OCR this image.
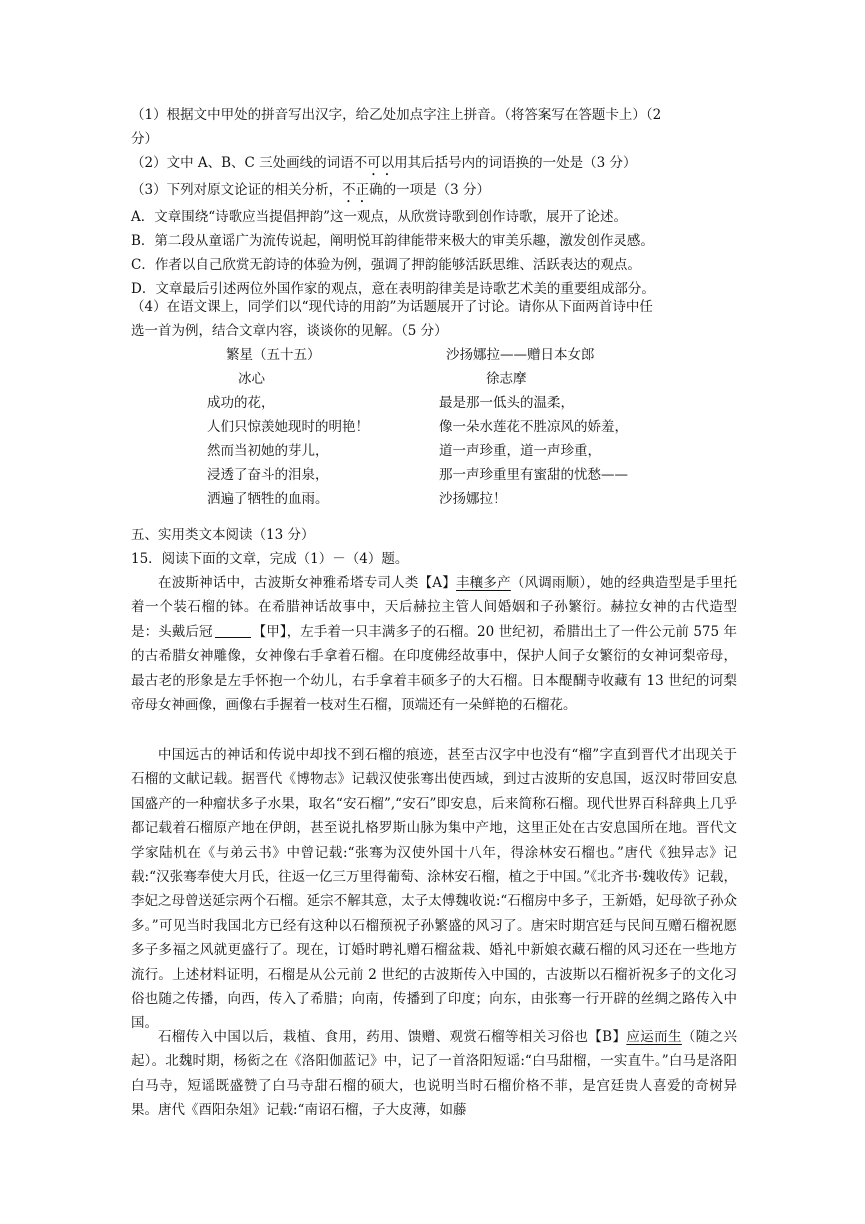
（1）根据文中甲处的拼音写出汉字，给乙处加点字注上拼音。（将答案写在答题卡上）（2
分）
（2）文中 A、B、C 三处画线的词语不可以用其后括号内的词语换的一处是（3 分）
（3）下列对原文论证的相关分析，不正确的一项是（3 分）
A．文章围绕“诗歌应当提倡押韵”这一观点，从欣赏诗歌到创作诗歌，展开了论述。
B．第二段从童谣广为流传说起，阐明悦耳韵律能带来极大的审美乐趣，激发创作灵感。
C．作者以自己欣赏无韵诗的体验为例，强调了押韵能够活跃思维、活跃表达的观点。
D．文章最后引述两位外国作家的观点，意在表明韵律美是诗歌艺术美的重要组成部分。
（4）在语文课上，同学们以“现代诗的用韵”为话题展开了讨论。请你从下面两首诗中任
选一首为例，结合文章内容，谈谈你的见解。（5 分）
繁星（五十五）
冰心
成功的花，
人们只惊羡她现时的明艳！
然而当初她的芽儿，
浸透了奋斗的泪泉，
洒遍了牺牲的血雨。
沙扬娜拉——赠日本女郎
徐志摩
最是那一低头的温柔，
像一朵水莲花不胜凉风的娇羞，
道一声珍重，道一声珍重，
那一声珍重里有蜜甜的忧愁——
沙扬娜拉！
五、实用类文本阅读（13 分）
15．阅读下面的文章，完成（1）－（4）题。
在波斯神话中，古波斯女神雅希塔专司人类【A】丰穰多产（风调雨顺），她的经典造型是手里托着一个装石榴的钵。在希腊神话故事中，天后赫拉主管人间婚姻和子孙繁衍。赫拉女神的古代造型是：头戴后冠	【甲】，左手着一只丰满多子的石榴。20 世纪初，希腊出土了一件公元前 575 年的古希腊女神雕像，女神像右手拿着石榴。在印度佛经故事中，保护人间子女繁衍的女神诃梨帝母，最古老的形象是左手怀抱一个幼儿，右手拿着丰硕多子的大石榴。日本醍醐寺收藏有 13 世纪的诃梨帝母女神画像，画像右手握着一枝对生石榴，顶端还有一朵鲜艳的石榴花。
中国远古的神话和传说中却找不到石榴的痕迹，甚至古汉字中也没有“榴”字直到晋代才出现关于石榴的文献记载。据晋代《博物志》记载汉使张骞出使西域，到过古波斯的安息国，返汉时带回安息国盛产的一种瘤状多子水果，取名“安石榴”,“安石”即安息，后来简称石榴。现代世界百科辞典上几乎都记载着石榴原产地在伊朗，甚至说扎格罗斯山脉为集中产地，这里正处在古安息国所在地。晋代文学家陆机在《与弟云书》中曾记载:“张骞为汉使外国十八年，得涂林安石榴也。”唐代《独异志》记载:“汉张骞奉使大月氏，往返一亿三万里得葡萄、涂林安石榴，植之于中国。”《北齐书·魏收传》记载，李妃之母曾送延宗两个石榴。延宗不解其意，太子太傅魏收说:“石榴房中多子，王新婚，妃母欲子孙众多。”可见当时我国北方已经有这种以石榴预祝子孙繁盛的风习了。唐宋时期宫廷与民间互赠石榴祝愿多子多福之风就更盛行了。现在，订婚时聘礼赠石榴盆栽、婚礼中新娘衣藏石榴的风习还在一些地方流行。上述材料证明，石榴是从公元前 2 世纪的古波斯传入中国的，古波斯以石榴祈祝多子的文化习俗也随之传播，向西，传入了希腊；向南，传播到了印度；向东，由张骞一行开辟的丝绸之路传入中国。
石榴传入中国以后，栽植、食用，药用、馈赠、观赏石榴等相关习俗也【B】应运而生（随之兴起）。北魏时期，杨衒之在《洛阳伽蓝记》中，记了一首洛阳短谣:“白马甜榴，一实直牛。”白马是洛阳白马寺，短谣既盛赞了白马寺甜石榴的硕大，也说明当时石榴价格不菲，是宫廷贵人喜爱的奇树异果。唐代《酉阳杂俎》记载:“南诏石榴，子大皮薄，如藤
